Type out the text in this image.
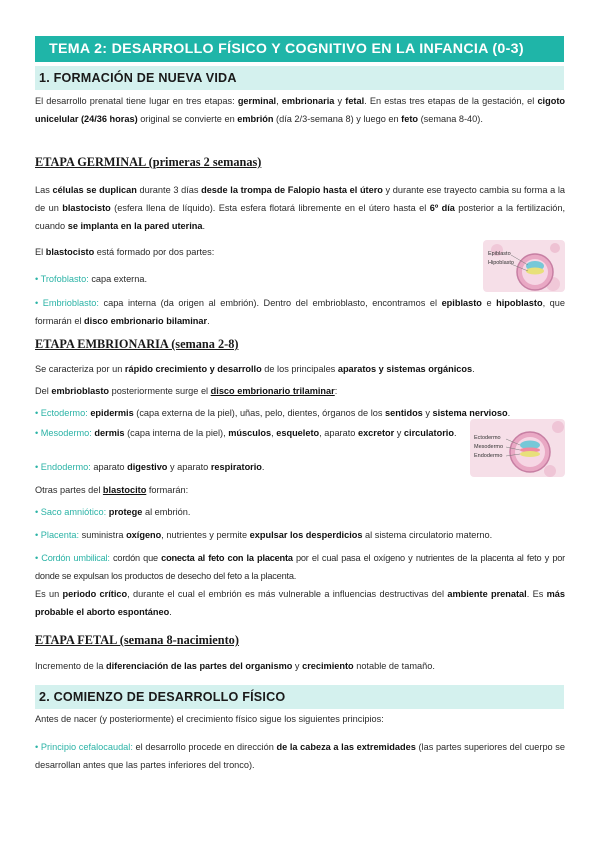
TEMA 2: DESARROLLO FÍSICO Y COGNITIVO EN LA INFANCIA (0-3)
1. FORMACIÓN DE NUEVA VIDA
El desarrollo prenatal tiene lugar en tres etapas: germinal, embrionaria y fetal. En estas tres etapas de la gestación, el cigoto unicelular (24/36 horas) original se convierte en embrión (día 2/3-semana 8) y luego en feto (semana 8-40).
ETAPA GERMINAL (primeras 2 semanas)
Las células se duplican durante 3 días desde la trompa de Falopio hasta el útero y durante ese trayecto cambia su forma a la de un blastocisto (esfera llena de líquido). Esta esfera flotará libremente en el útero hasta el 6º día posterior a la fertilización, cuando se implanta en la pared uterina.
El blastocisto está formado por dos partes:
• Trofoblasto: capa externa.
• Embrioblasto: capa interna (da origen al embrión). Dentro del embrioblasto, encontramos el epiblasto e hipoblasto, que formarán el disco embrionario bilaminar.
Epiblasto
Hipoblasto
ETAPA EMBRIONARIA (semana 2-8)
Se caracteriza por un rápido crecimiento y desarrollo de los principales aparatos y sistemas orgánicos.
Del embrioblasto posteriormente surge el disco embrionario trilaminar:
• Ectodermo: epidermis (capa externa de la piel), uñas, pelo, dientes, órganos de los sentidos y sistema nervioso.
• Mesodermo: dermis (capa interna de la piel), músculos, esqueleto, aparato excretor y circulatorio.
• Endodermo: aparato digestivo y aparato respiratorio.
Ectodermo
Mesodermo
Endodermo
Otras partes del blastocito formarán:
• Saco amniótico: protege al embrión.
• Placenta: suministra oxígeno, nutrientes y permite expulsar los desperdicios al sistema circulatorio materno.
• Cordón umbilical: cordón que conecta al feto con la placenta por el cual pasa el oxígeno y nutrientes de la placenta al feto y por donde se expulsan los productos de desecho del feto a la placenta.
Es un periodo crítico, durante el cual el embrión es más vulnerable a influencias destructivas del ambiente prenatal. Es más probable el aborto espontáneo.
ETAPA FETAL (semana 8-nacimiento)
Incremento de la diferenciación de las partes del organismo y crecimiento notable de tamaño.
2. COMIENZO DE DESARROLLO FÍSICO
Antes de nacer (y posteriormente) el crecimiento físico sigue los siguientes principios:
• Principio cefalocaudal: el desarrollo procede en dirección de la cabeza a las extremidades (las partes superiores del cuerpo se desarrollan antes que las partes inferiores del tronco).
